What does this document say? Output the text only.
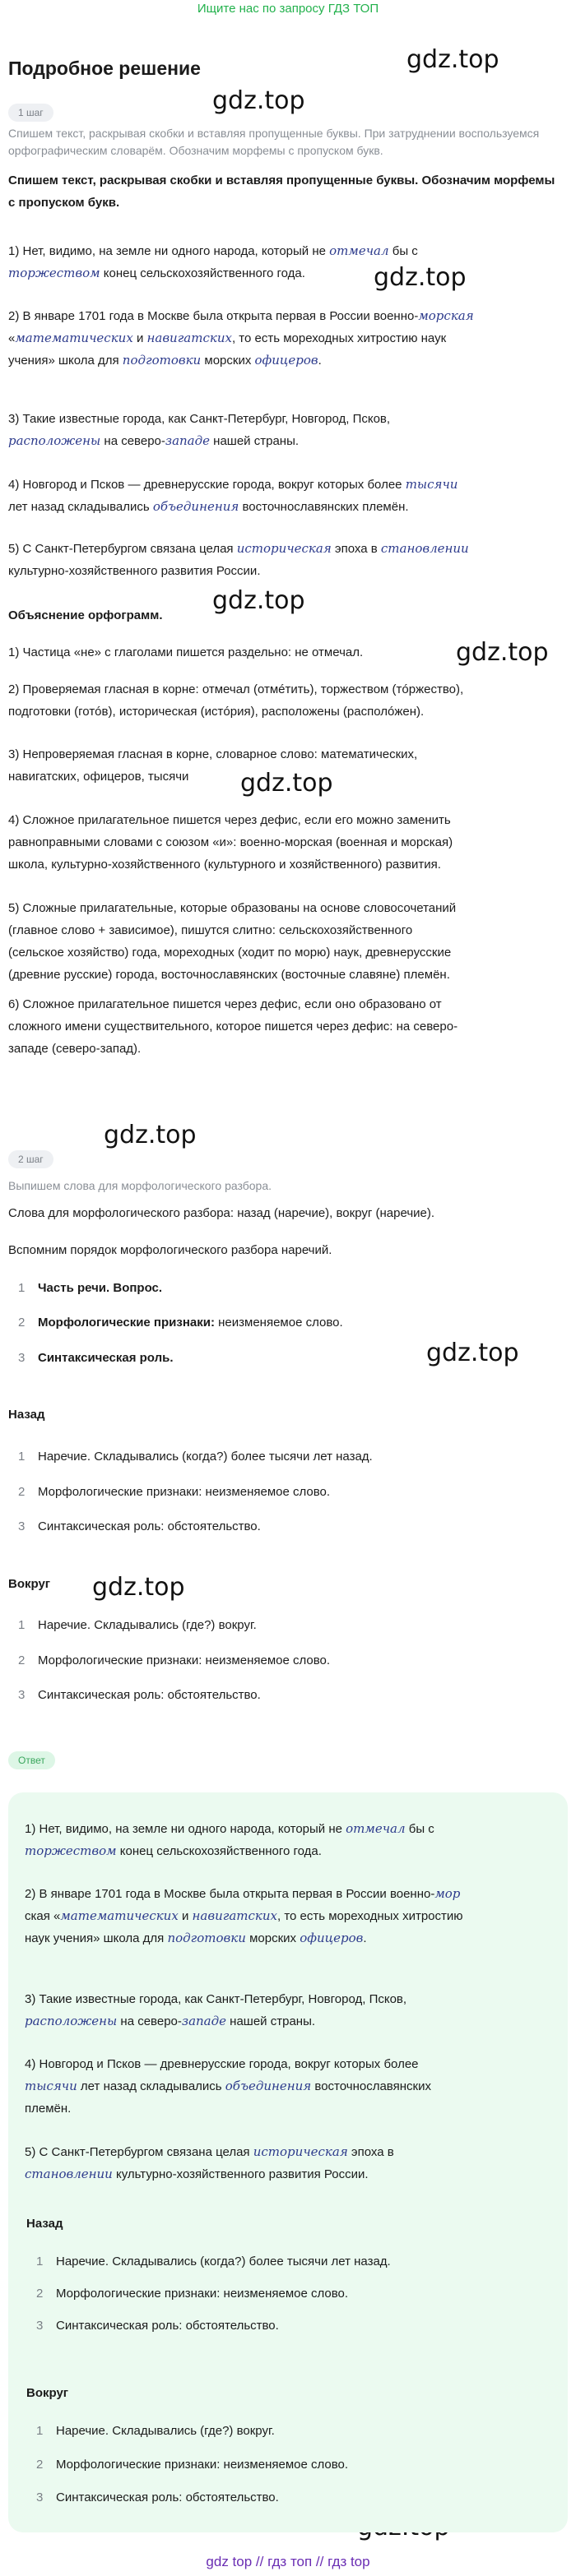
Ищите нас по запросу ГДЗ ТОП
gdz.top
gdz.top
gdz.top
gdz.top
gdz.top
gdz.top
gdz.top
gdz.top
gdz.top
Подробное решение
1 шаг
Спишем текст, раскрывая скобки и вставляя пропущенные буквы. При затруднении воспользуемся орфографическим словарём. Обозначим морфемы с пропуском букв.

Спишем текст, раскрывая скобки и вставляя пропущенные буквы. Обозначим морфемы с пропуском букв.

1) Нет, видимо, на земле ни одного народа, который не отмечал бы с

торжеством конец сельскохозяйственного года.

2) В январе 1701 года в Москве была открыта первая в России военно-морская

«математических и навигатских, то есть мореходных хитростию наук

учения» школа для подготовки морских офицеров.

3) Такие известные города, как Санкт-Петербург, Новгород, Псков,

расположены на северо-западе нашей страны.

4) Новгород и Псков — древнерусские города, вокруг которых более тысячи

лет назад складывались объединения восточнославянских племён.

5) С Санкт-Петербургом связана целая историческая эпоха в становлении

культурно-хозяйственного развития России.

Объяснение орфограмм.

1) Частица «не» с глаголами пишется раздельно: не отмечал.

2) Проверяемая гласная в корне: отмечал (отмéтить), торжеством (тóржество),

подготовки (готóв), историческая (истóрия), расположены (располóжен).

3) Непроверяемая гласная в корне, словарное слово: математических,

навигатских, офицеров, тысячи

4) Сложное прилагательное пишется через дефис, если его можно заменить

равноправными словами с союзом «и»: военно-морская (военная и морская)

школа, культурно-хозяйственного (культурного и хозяйственного) развития.

5) Сложные прилагательные, которые образованы на основе словосочетаний

(главное слово + зависимое), пишутся слитно: сельскохозяйственного

(сельское хозяйство) года, мореходных (ходит по морю) наук, древнерусские

(древние русские) города, восточнославянских (восточные славяне) племён.

6) Сложное прилагательное пишется через дефис, если оно образовано от

сложного имени существительного, которое пишется через дефис: на северо-

западе (северо-запад).

2 шаг
Выпишем слова для морфологического разбора.

Слова для морфологического разбора: назад (наречие), вокруг (наречие).

Вспомним порядок морфологического разбора наречий.

1 Часть речи. Вопрос.
2 Морфологические признаки: неизменяемое слово.
3 Синтаксическая роль.
Назад
1 Наречие. Складывались (когда?) более тысячи лет назад.
2 Морфологические признаки: неизменяемое слово.
3 Синтаксическая роль: обстоятельство.
Вокруг
1 Наречие. Складывались (где?) вокруг.
2 Морфологические признаки: неизменяемое слово.
3 Синтаксическая роль: обстоятельство.
Ответ

1) Нет, видимо, на земле ни одного народа, который не отмечал бы с

торжеством конец сельскохозяйственного года.

2) В январе 1701 года в Москве была открыта первая в России военно-мор

ская «математических и навигатских, то есть мореходных хитростию

наук учения» школа для подготовки морских офицеров.

3) Такие известные города, как Санкт-Петербург, Новгород, Псков,

расположены на северо-западе нашей страны.

4) Новгород и Псков — древнерусские города, вокруг которых более

тысячи лет назад складывались объединения восточнославянских

племён.

5) С Санкт-Петербургом связана целая историческая эпоха в

становлении культурно-хозяйственного развития России.

Назад
1 Наречие. Складывались (когда?) более тысячи лет назад.
2 Морфологические признаки: неизменяемое слово.
3 Синтаксическая роль: обстоятельство.
Вокруг
1 Наречие. Складывались (где?) вокруг.
2 Морфологические признаки: неизменяемое слово.
3 Синтаксическая роль: обстоятельство.
gdz top // гдз топ // гдз top
